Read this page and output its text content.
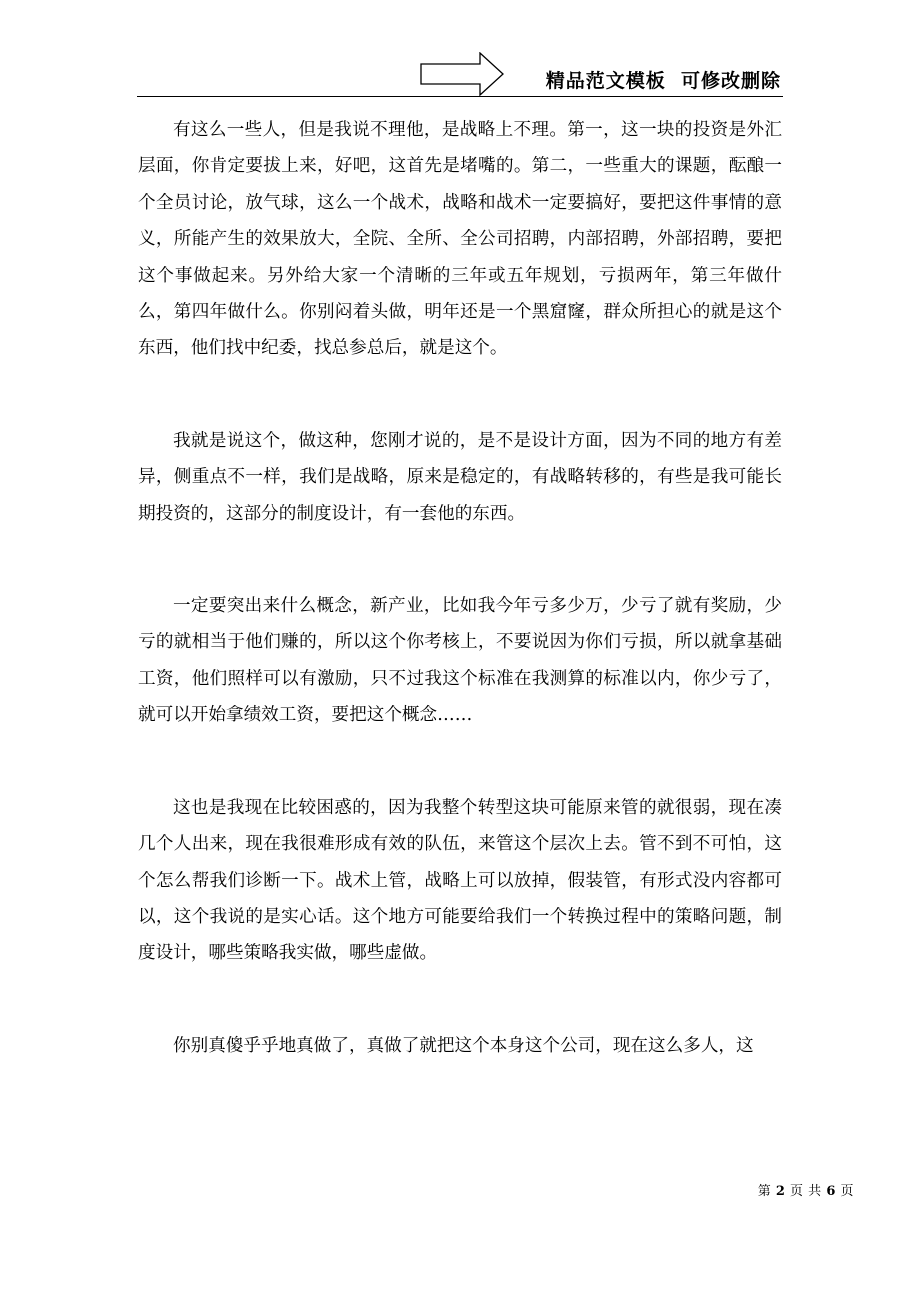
精品范文模板  可修改删除

有这么一些人，但是我说不理他，是战略上不理。第一，这一块的投资是外汇层面，你肯定要拔上来，好吧，这首先是堵嘴的。第二，一些重大的课题，酝酿一个全员讨论，放气球，这么一个战术，战略和战术一定要搞好，要把这件事情的意义，所能产生的效果放大，全院、全所、全公司招聘，内部招聘，外部招聘，要把这个事做起来。另外给大家一个清晰的三年或五年规划，亏损两年，第三年做什么，第四年做什么。你别闷着头做，明年还是一个黑窟窿，群众所担心的就是这个东西，他们找中纪委，找总参总后，就是这个。

我就是说这个，做这种，您刚才说的，是不是设计方面，因为不同的地方有差异，侧重点不一样，我们是战略，原来是稳定的，有战略转移的，有些是我可能长期投资的，这部分的制度设计，有一套他的东西。

一定要突出来什么概念，新产业，比如我今年亏多少万，少亏了就有奖励，少亏的就相当于他们赚的，所以这个你考核上，不要说因为你们亏损，所以就拿基础工资，他们照样可以有激励，只不过我这个标准在我测算的标准以内，你少亏了，就可以开始拿绩效工资，要把这个概念……

这也是我现在比较困惑的，因为我整个转型这块可能原来管的就很弱，现在凑几个人出来，现在我很难形成有效的队伍，来管这个层次上去。管不到不可怕，这个怎么帮我们诊断一下。战术上管，战略上可以放掉，假装管，有形式没内容都可以，这个我说的是实心话。这个地方可能要给我们一个转换过程中的策略问题，制度设计，哪些策略我实做，哪些虚做。

你别真傻乎乎地真做了，真做了就把这个本身这个公司，现在这么多人，这

第 2 页 共 6 页
